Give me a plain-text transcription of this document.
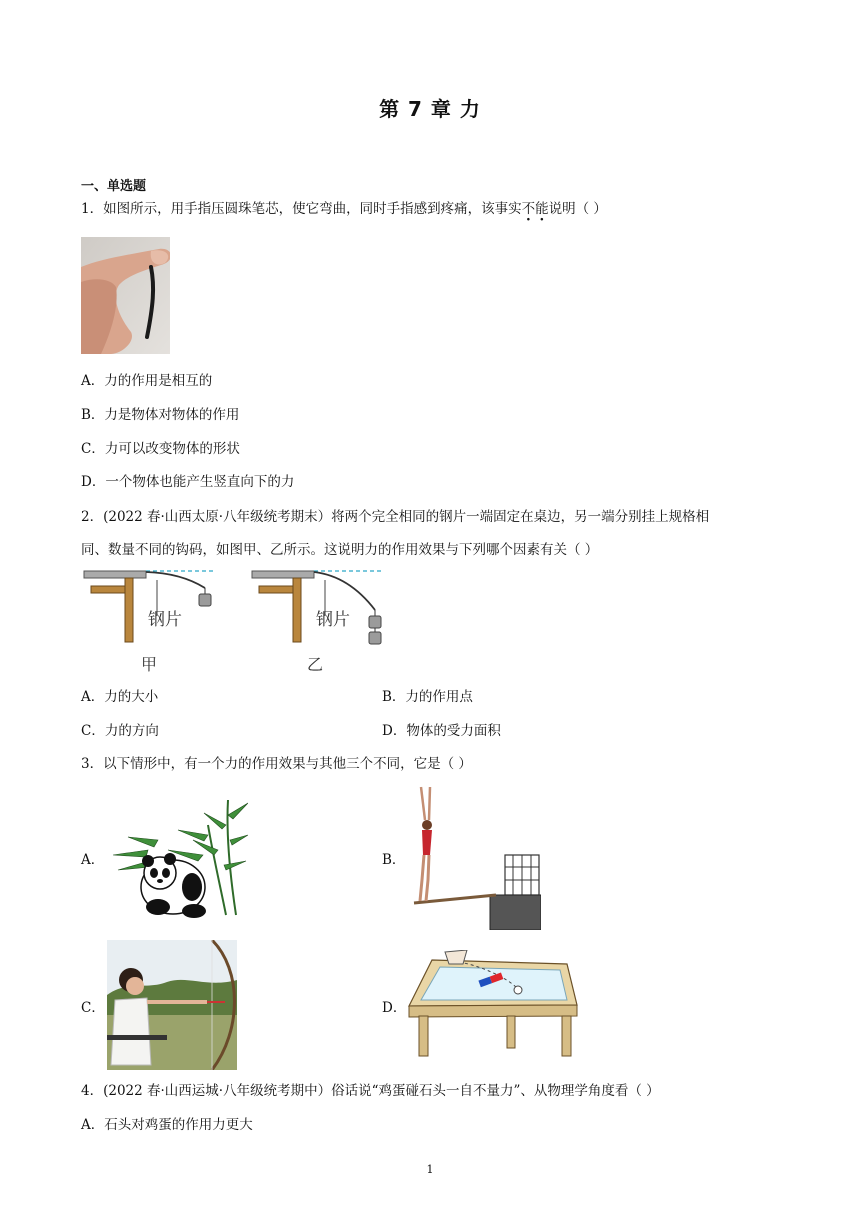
第 7 章 力
一、单选题
1．如图所示，用手指压圆珠笔芯，使它弯曲，同时手指感到疼痛，该事实不能说明（ ）
A．力的作用是相互的
B．力是物体对物体的作用
C．力可以改变物体的形状
D．一个物体也能产生竖直向下的力
2．(2022 春·山西太原·八年级统考期末）将两个完全相同的钢片一端固定在桌边，另一端分别挂上规格相
同、数量不同的钩码，如图甲、乙所示。这说明力的作用效果与下列哪个因素有关（ ）
钢片
甲
钢片
乙
A．力的大小	B．力的作用点
C．力的方向	D．物体的受力面积
3．以下情形中，有一个力的作用效果与其他三个不同，它是（ ）
A．	B．
C．	D．
4．(2022 春·山西运城·八年级统考期中）俗话说“鸡蛋碰石头一自不量力”、从物理学角度看（ ）
A．石头对鸡蛋的作用力更大
1
